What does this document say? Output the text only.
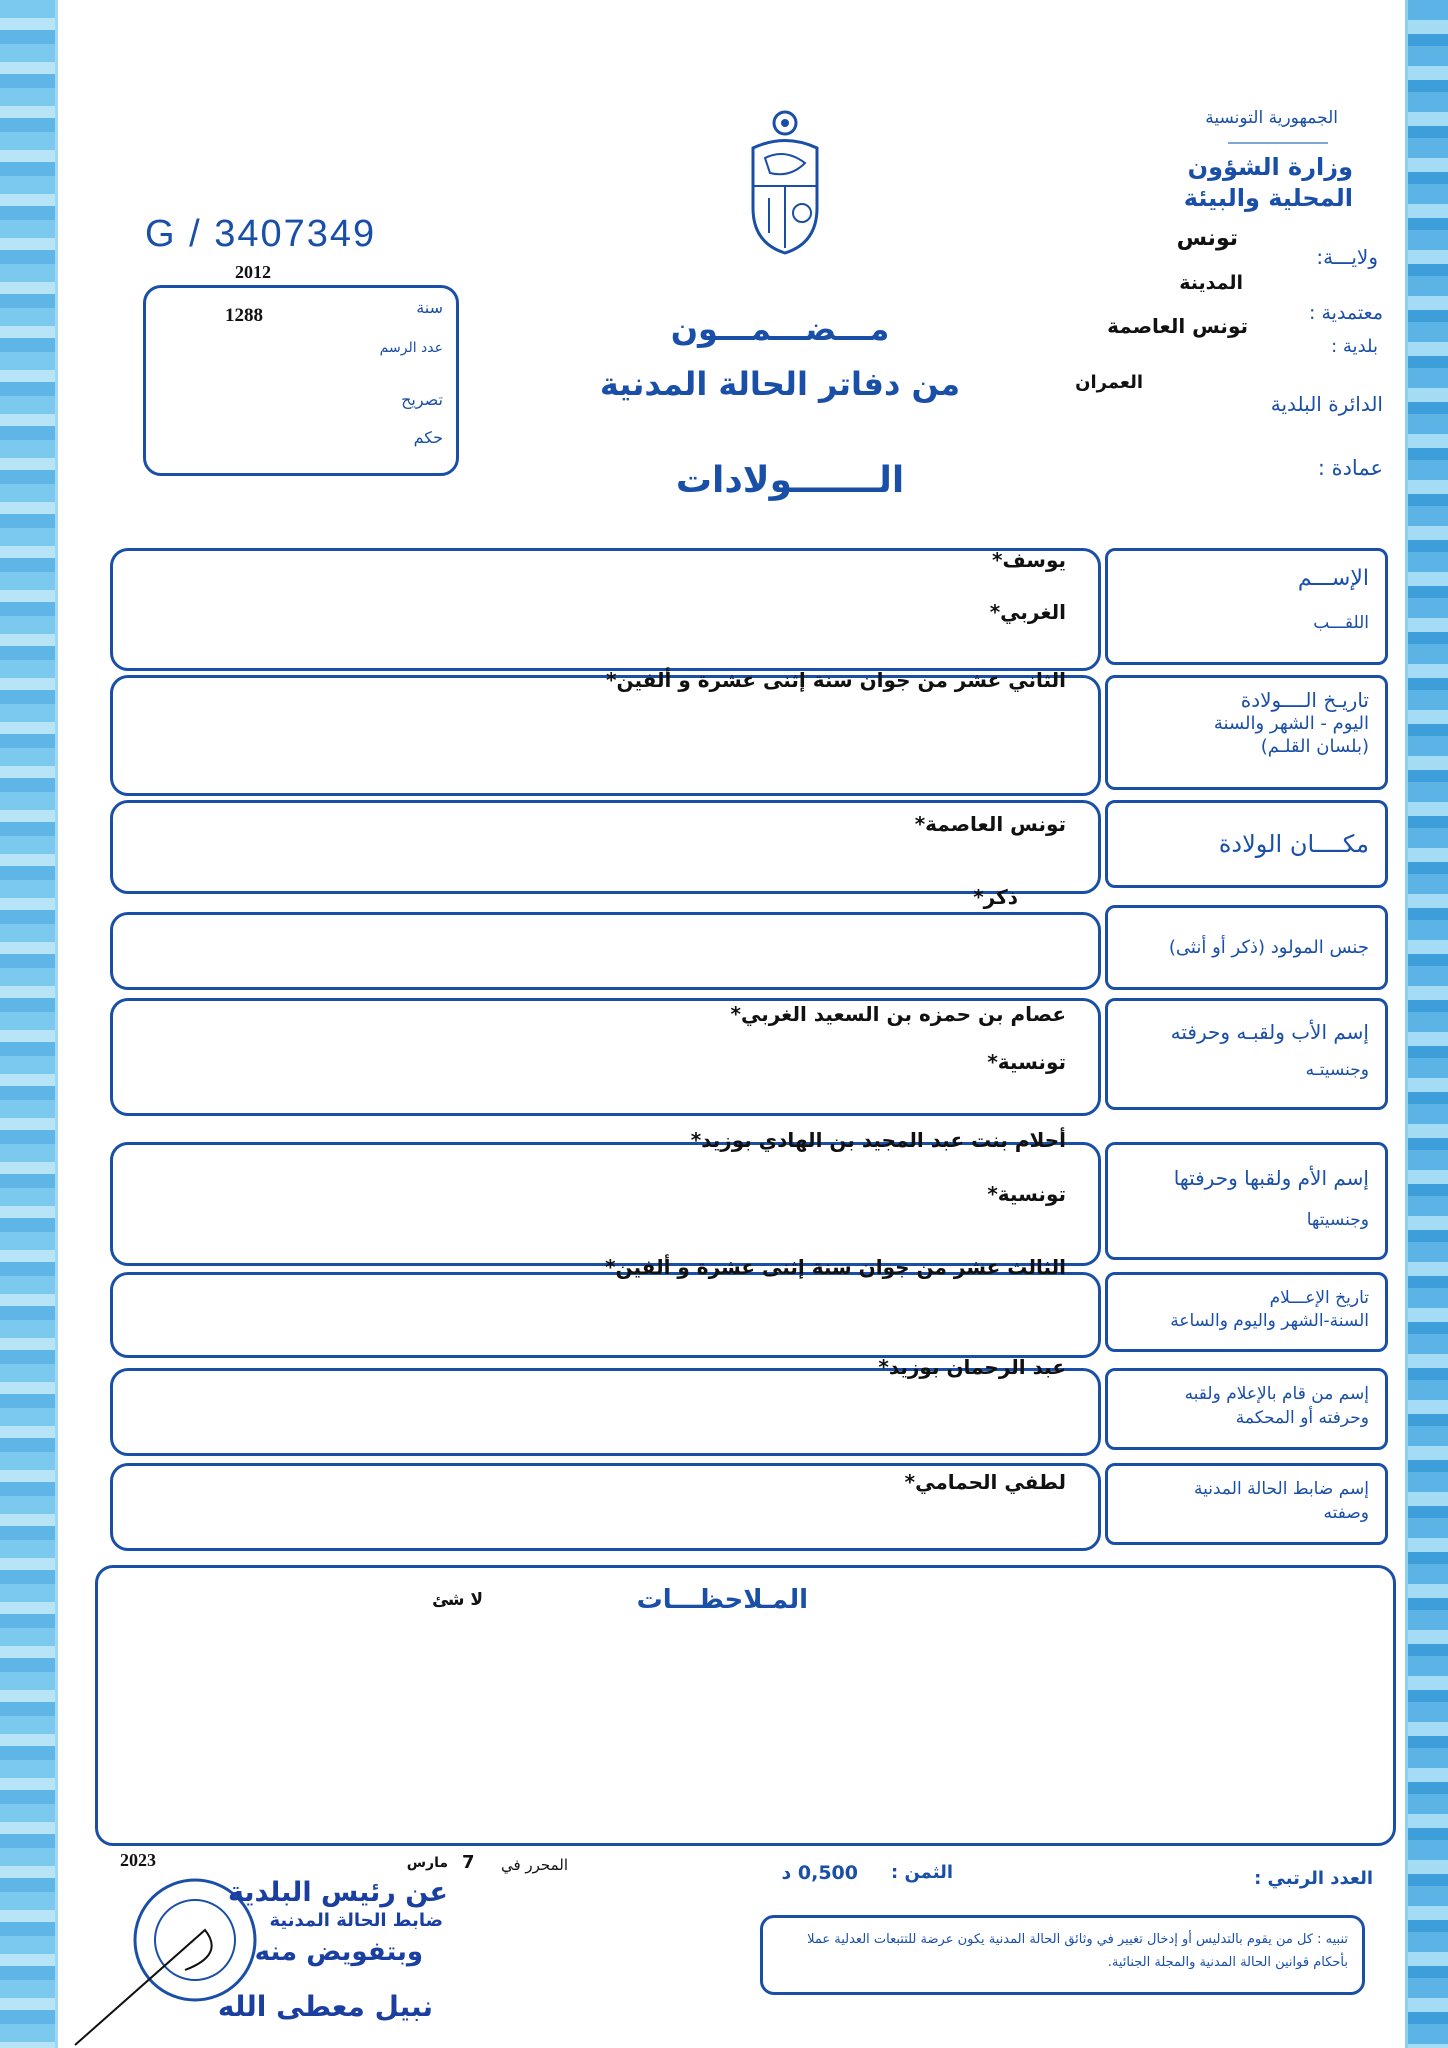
الجمهورية التونسية
وزارة الشؤون المحلية والبيئة
ولايـــة:
تونس
المدينة
معتمدية :
تونس العاصمة
بلدية :
العمران
الدائرة البلدية
عمادة :
G / 3407349
2012
سنة
1288
عدد الرسم
تصريح
حكم
مـــضـــمـــون
من دفاتر الحالة المدنية
الـــــــولادات
الإســـم
اللقـــب
يوسف*
الغربي*
تاريـخ الــــولادة
اليوم - الشهر والسنة
(بلسان القلـم)
الثاني عشر من جوان سنة إثنى عشرة و ألفين*
مكــــان الولادة
تونس العاصمة*
جنس المولود (ذكر أو أنثى)
ذكر*
إسم الأب ولقبـه وحرفته
وجنسيتـه
عصام بن حمزه بن السعيد الغربي*
تونسية*
إسم الأم ولقبها وحرفتها
وجنسيتها
أحلام بنت عبد المجيد بن الهادي بوزيد*
تونسية*
تاريخ الإعـــلام
السنة-الشهر واليوم والساعة
الثالث عشر من جوان سنة إثنى عشرة و ألفين*
إسم من قام بالإعلام ولقبه
وحرفته أو المحكمة
عبد الرحمان بوزيد*
إسم ضابط الحالة المدنية
وصفته
لطفي الحمامي*
المـلاحظـــات
لا شئ
العدد الرتبي :
الثمن :
0,500 د
تنبيه : كل من يقوم بالتدليس أو إدخال تغيير في وثائق الحالة المدنية يكون عرضة للتتبعات العدلية عملا بأحكام قوانين الحالة المدنية والمجلة الجنائية.
2023	المحرر في
7
مارس
عن رئيس البلدية
ضابط الحالة المدنية
وبتفويض منه
نبيل معطى الله
